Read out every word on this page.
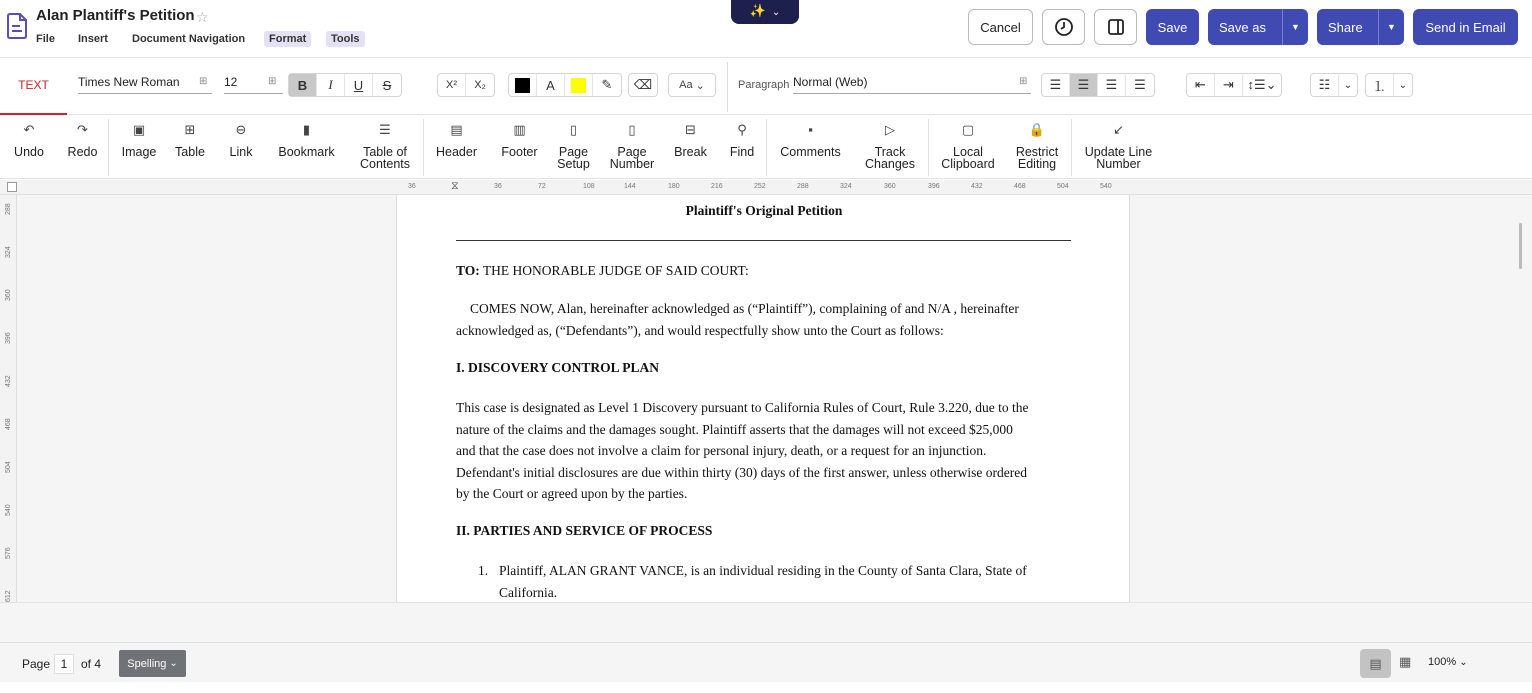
Alan Plantiff's Petition ☆
File	Insert	Document Navigation	Format	Tools
✨ ⌄
Cancel	Save	Save as	▼	Share	▼	Send in Email
TEXT	Times New Roman	⊞ 12	⊞	B	I	U	S	X²	X₂	A	✎	⌫	Aa ⌄	Paragraph Normal (Web)	⊞	☰	☰	☰	☰	⇤	⇥	↕☰⌄	☷	⌄	⒈	⌄
↶
Undo
↷
Redo
▣
Image
⊞
Table
⊖
Link
▮
Bookmark
☰
Table of
Contents
▤
Header
▥
Footer
▯
Page
Setup
▯
Page
Number
⊟
Break
⚲
Find
▪
Comments
▷
Track
Changes
▢
Local
Clipboard
🔒
Restrict
Editing
↙
Update Line
Number
⧖
36	36	72	108	144	180	216	252	288	324	360	396	432	468	504	540
288
324
360
396
432
468
504
540
576
612
Plaintiff's Original Petition
TO: THE HONORABLE JUDGE OF SAID COURT:
COMES NOW, Alan, hereinafter acknowledged as (“Plaintiff”), complaining of and N/A , hereinafter
acknowledged as, (“Defendants”), and would respectfully show unto the Court as follows:
I. DISCOVERY CONTROL PLAN
This case is designated as Level 1 Discovery pursuant to California Rules of Court, Rule 3.220, due to the
nature of the claims and the damages sought. Plaintiff asserts that the damages will not exceed $25,000
and that the case does not involve a claim for personal injury, death, or a request for an injunction.
Defendant's initial disclosures are due within thirty (30) days of the first answer, unless otherwise ordered
by the Court or agreed upon by the parties.
II. PARTIES AND SERVICE OF PROCESS
1. Plaintiff, ALAN GRANT VANCE, is an individual residing in the County of Santa Clara, State of
California.
Page 1	of 4 Spelling ⌄	▤	▦ 100% ⌄
